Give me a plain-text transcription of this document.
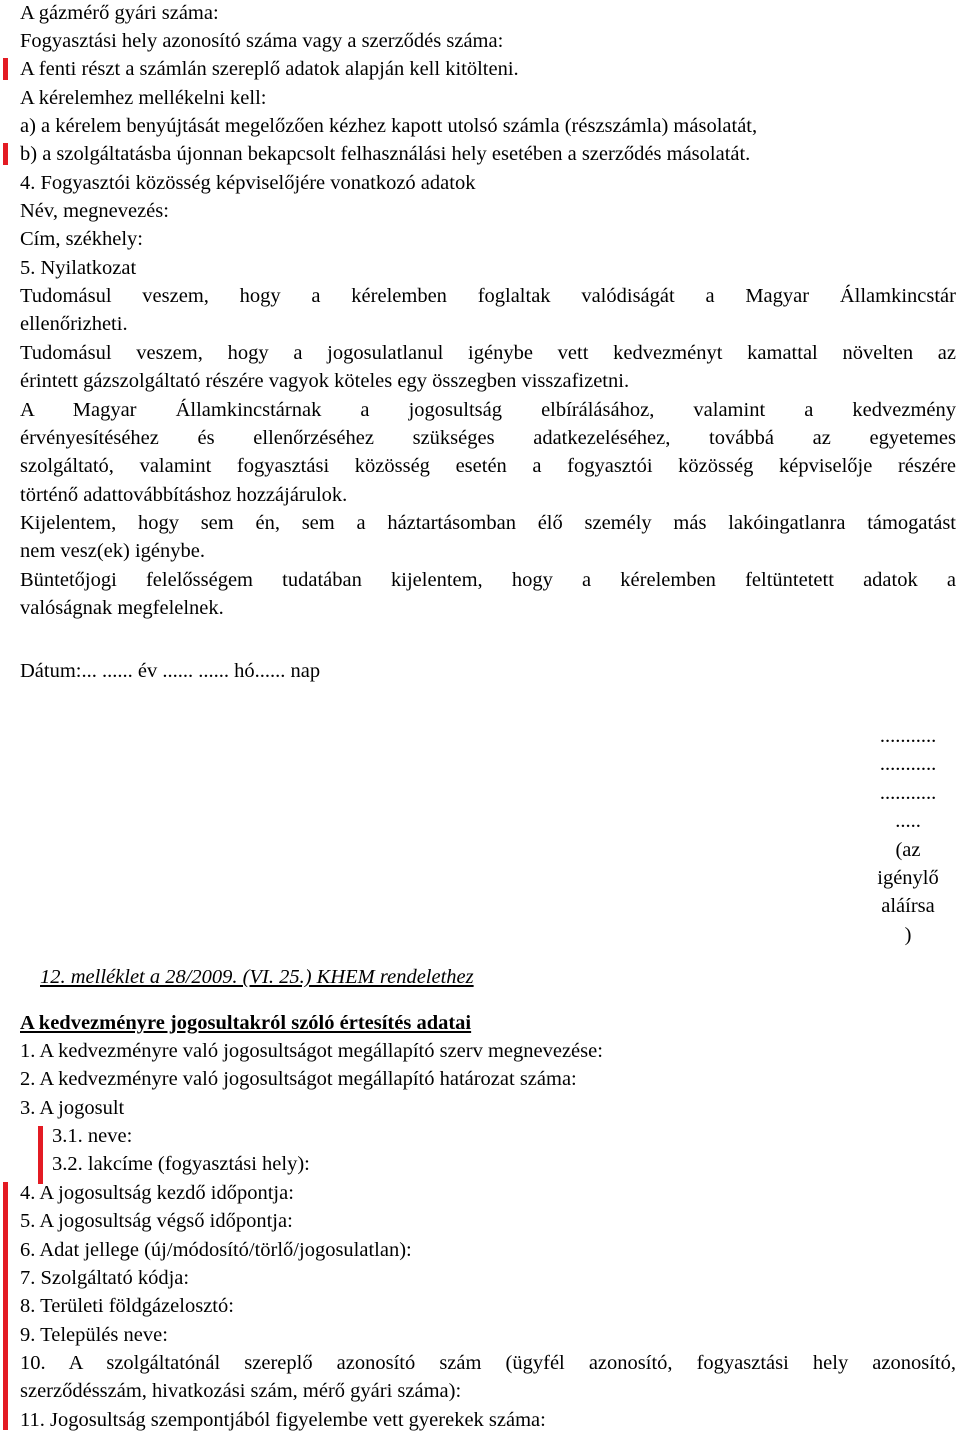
A gázmérő gyári száma:
Fogyasztási hely azonosító száma vagy a szerződés száma:
A fenti részt a számlán szereplő adatok alapján kell kitölteni.
A kérelemhez mellékelni kell:
a) a kérelem benyújtását megelőzően kézhez kapott utolsó számla (részszámla) másolatát,
b) a szolgáltatásba újonnan bekapcsolt felhasználási hely esetében a szerződés másolatát.
4. Fogyasztói közösség képviselőjére vonatkozó adatok
Név, megnevezés:
Cím, székhely:
5. Nyilatkozat
Tudomásul veszem, hogy a kérelemben foglaltak valódiságát a Magyar Államkincstár
ellenőrizheti.
Tudomásul veszem, hogy a jogosulatlanul igénybe vett kedvezményt kamattal növelten az
érintett gázszolgáltató részére vagyok köteles egy összegben visszafizetni.
A Magyar Államkincstárnak a jogosultság elbírálásához, valamint a kedvezmény
érvényesítéséhez és ellenőrzéséhez szükséges adatkezeléséhez, továbbá az egyetemes
szolgáltató, valamint fogyasztási közösség esetén a fogyasztói közösség képviselője részére
történő adattovábbításhoz hozzájárulok.
Kijelentem, hogy sem én, sem a háztartásomban élő személy más lakóingatlanra támogatást
nem vesz(ek) igénybe.
Büntetőjogi felelősségem tudatában kijelentem, hogy a kérelemben feltüntetett adatok a
valóságnak megfelelnek.
Dátum:... ...... év ...... ...... hó...... nap
...........
...........
...........
.....
(az
igénylő
aláírsa
)
12. melléklet a 28/2009. (VI. 25.) KHEM rendelethez
A kedvezményre jogosultakról szóló értesítés adatai
1. A kedvezményre való jogosultságot megállapító szerv megnevezése:
2. A kedvezményre való jogosultságot megállapító határozat száma:
3. A jogosult
3.1. neve:
3.2. lakcíme (fogyasztási hely):
4. A jogosultság kezdő időpontja:
5. A jogosultság végső időpontja:
6. Adat jellege (új/módosító/törlő/jogosulatlan):
7. Szolgáltató kódja:
8. Területi földgázelosztó:
9. Település neve:
10. A szolgáltatónál szereplő azonosító szám (ügyfél azonosító, fogyasztási hely azonosító,
szerződésszám, hivatkozási szám, mérő gyári száma):
11. Jogosultság szempontjából figyelembe vett gyerekek száma:
